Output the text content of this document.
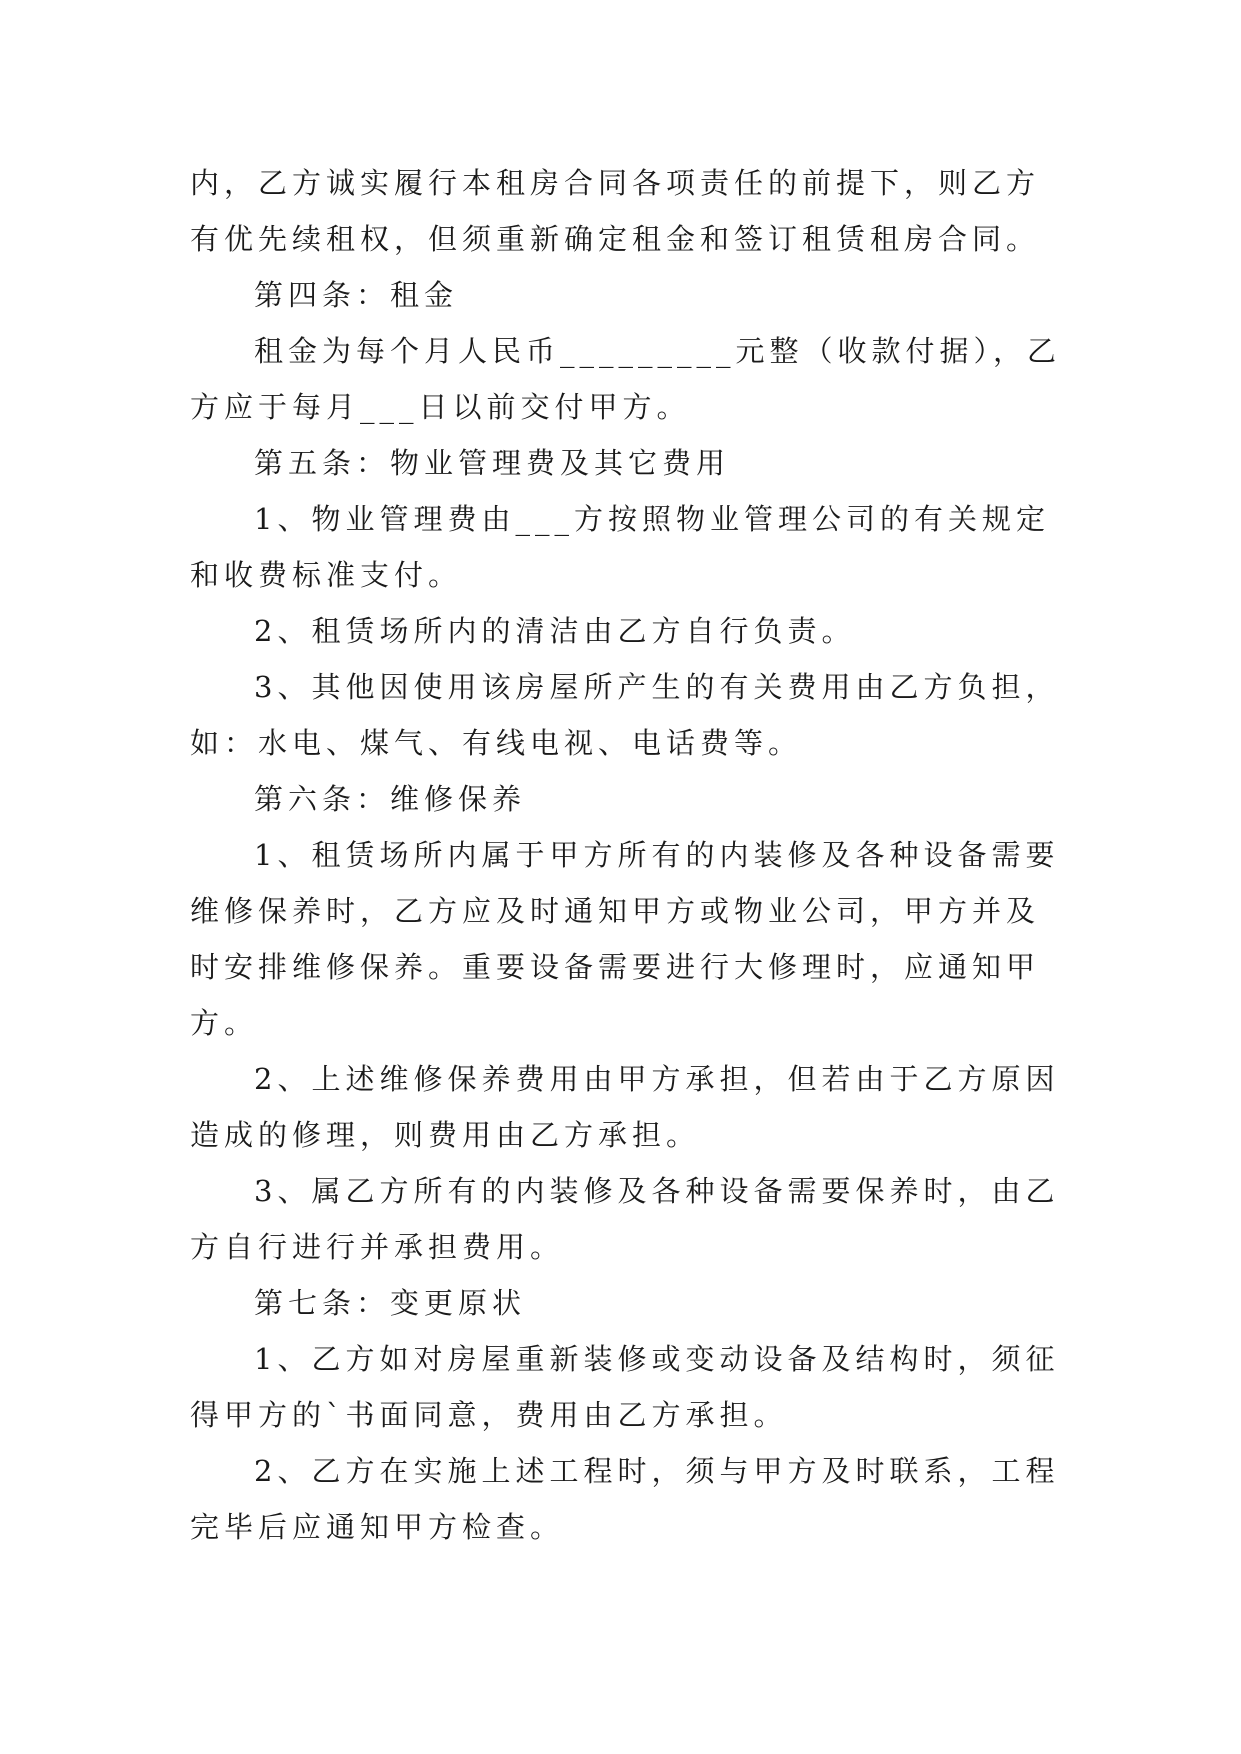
内，乙方诚实履行本租房合同各项责任的前提下，则乙方有优先续租权，但须重新确定租金和签订租赁租房合同。

第四条：租金

租金为每个月人民币_________元整（收款付据），乙方应于每月___日以前交付甲方。

第五条：物业管理费及其它费用

1、物业管理费由___方按照物业管理公司的有关规定和收费标准支付。

2、租赁场所内的清洁由乙方自行负责。

3、其他因使用该房屋所产生的有关费用由乙方负担，如：水电、煤气、有线电视、电话费等。

第六条：维修保养

1、租赁场所内属于甲方所有的内装修及各种设备需要维修保养时，乙方应及时通知甲方或物业公司，甲方并及时安排维修保养。重要设备需要进行大修理时，应通知甲方。

2、上述维修保养费用由甲方承担，但若由于乙方原因造成的修理，则费用由乙方承担。

3、属乙方所有的内装修及各种设备需要保养时，由乙方自行进行并承担费用。

第七条：变更原状

1、乙方如对房屋重新装修或变动设备及结构时，须征得甲方的`书面同意，费用由乙方承担。

2、乙方在实施上述工程时，须与甲方及时联系，工程完毕后应通知甲方检查。
